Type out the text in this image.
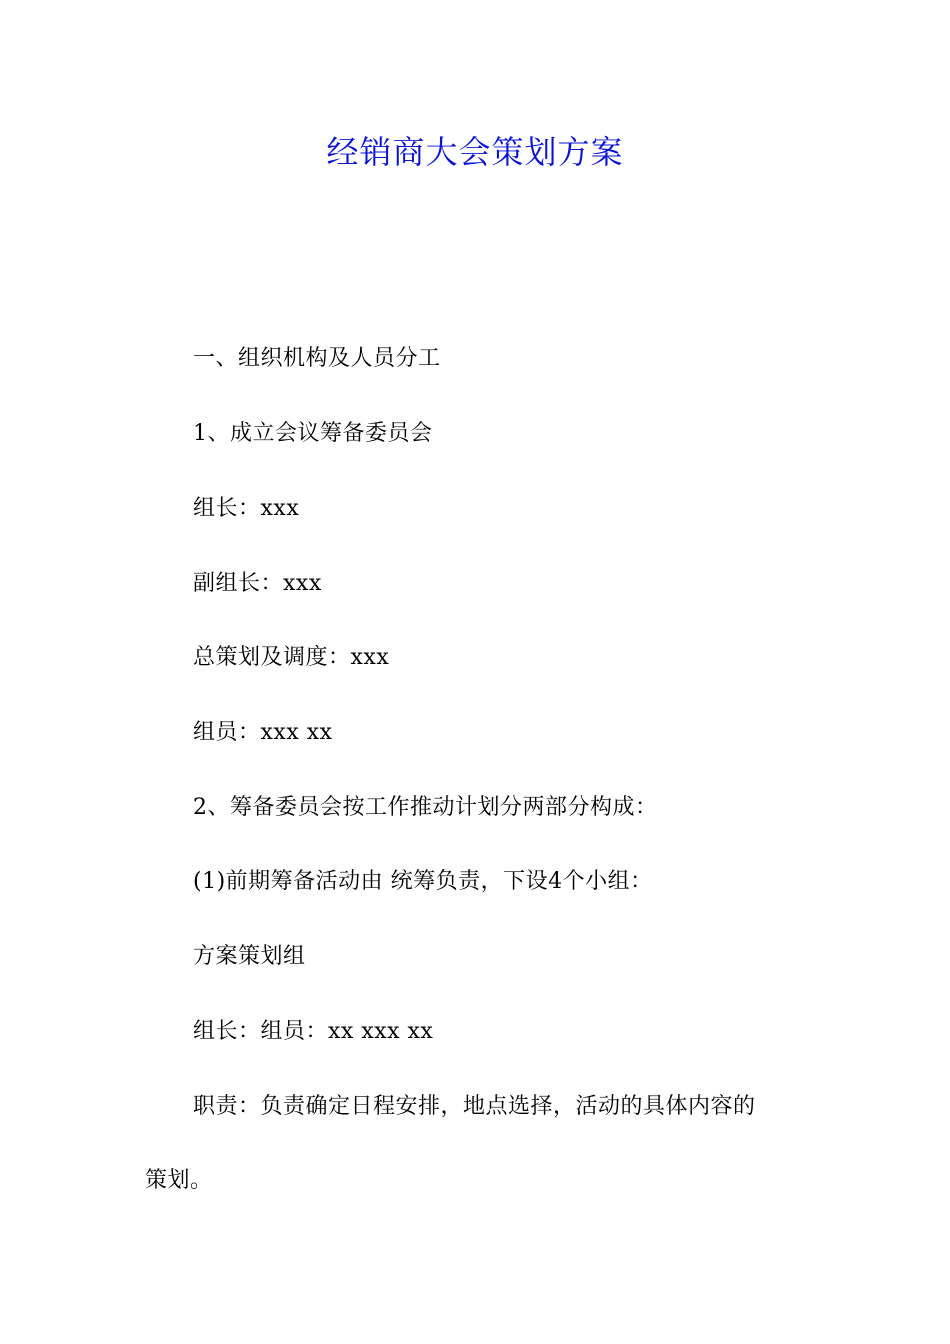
经销商大会策划方案
一、组织机构及人员分工
1、成立会议筹备委员会
组长：xxx
副组长：xxx
总策划及调度：xxx
组员：xxx xx
2、筹备委员会按工作推动计划分两部分构成：
(1)前期筹备活动由 统筹负责，下设4个小组：
方案策划组
组长：组员：xx xxx xx
职责：负责确定日程安排，地点选择，活动的具体内容的
策划。
